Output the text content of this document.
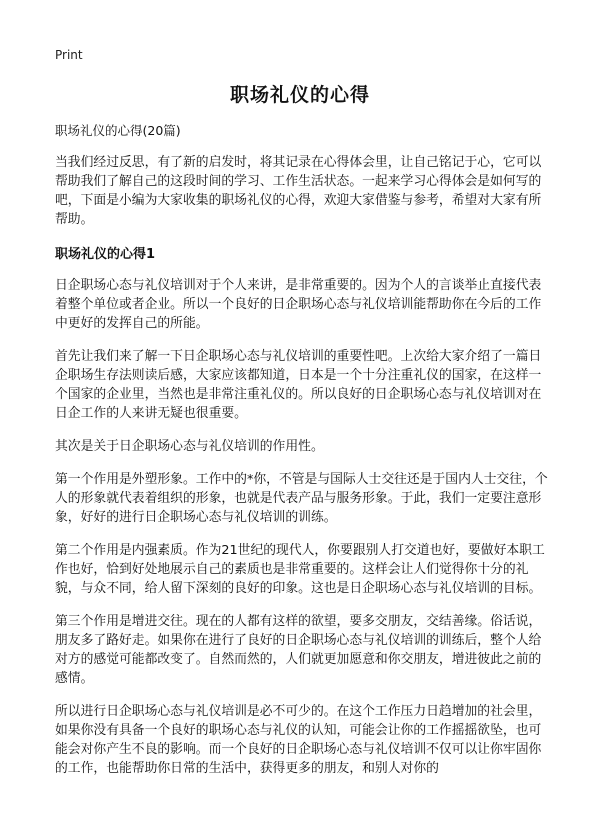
Print
职场礼仪的心得

职场礼仪的心得(20篇)

当我们经过反思，有了新的启发时，将其记录在心得体会里，让自己铭记于心，它可以帮助我们了解自己的这段时间的学习、工作生活状态。一起来学习心得体会是如何写的吧，下面是小编为大家收集的职场礼仪的心得，欢迎大家借鉴与参考，希望对大家有所帮助。

职场礼仪的心得1

日企职场心态与礼仪培训对于个人来讲，是非常重要的。因为个人的言谈举止直接代表着整个单位或者企业。所以一个良好的日企职场心态与礼仪培训能帮助你在今后的工作中更好的发挥自己的所能。

首先让我们来了解一下日企职场心态与礼仪培训的重要性吧。上次给大家介绍了一篇日企职场生存法则读后感，大家应该都知道，日本是一个十分注重礼仪的国家，在这样一个国家的企业里，当然也是非常注重礼仪的。所以良好的日企职场心态与礼仪培训对在日企工作的人来讲无疑也很重要。

其次是关于日企职场心态与礼仪培训的作用性。

第一个作用是外塑形象。工作中的*你，不管是与国际人士交往还是于国内人士交往，个人的形象就代表着组织的形象，也就是代表产品与服务形象。于此，我们一定要注意形象，好好的进行日企职场心态与礼仪培训的训练。

第二个作用是内强素质。作为21世纪的现代人，你要跟别人打交道也好，要做好本职工作也好，恰到好处地展示自己的素质也是非常重要的。这样会让人们觉得你十分的礼貌，与众不同，给人留下深刻的良好的印象。这也是日企职场心态与礼仪培训的目标。

第三个作用是增进交往。现在的人都有这样的欲望，要多交朋友，交结善缘。俗话说，朋友多了路好走。如果你在进行了良好的日企职场心态与礼仪培训的训练后，整个人给对方的感觉可能都改变了。自然而然的，人们就更加愿意和你交朋友，增进彼此之前的感情。

所以进行日企职场心态与礼仪培训是必不可少的。在这个工作压力日趋增加的社会里，如果你没有具备一个良好的职场心态与礼仪的认知，可能会让你的工作摇摇欲坠，也可能会对你产生不良的影响。而一个良好的日企职场心态与礼仪培训不仅可以让你牢固你的工作，也能帮助你日常的生活中，获得更多的朋友，和别人对你的
